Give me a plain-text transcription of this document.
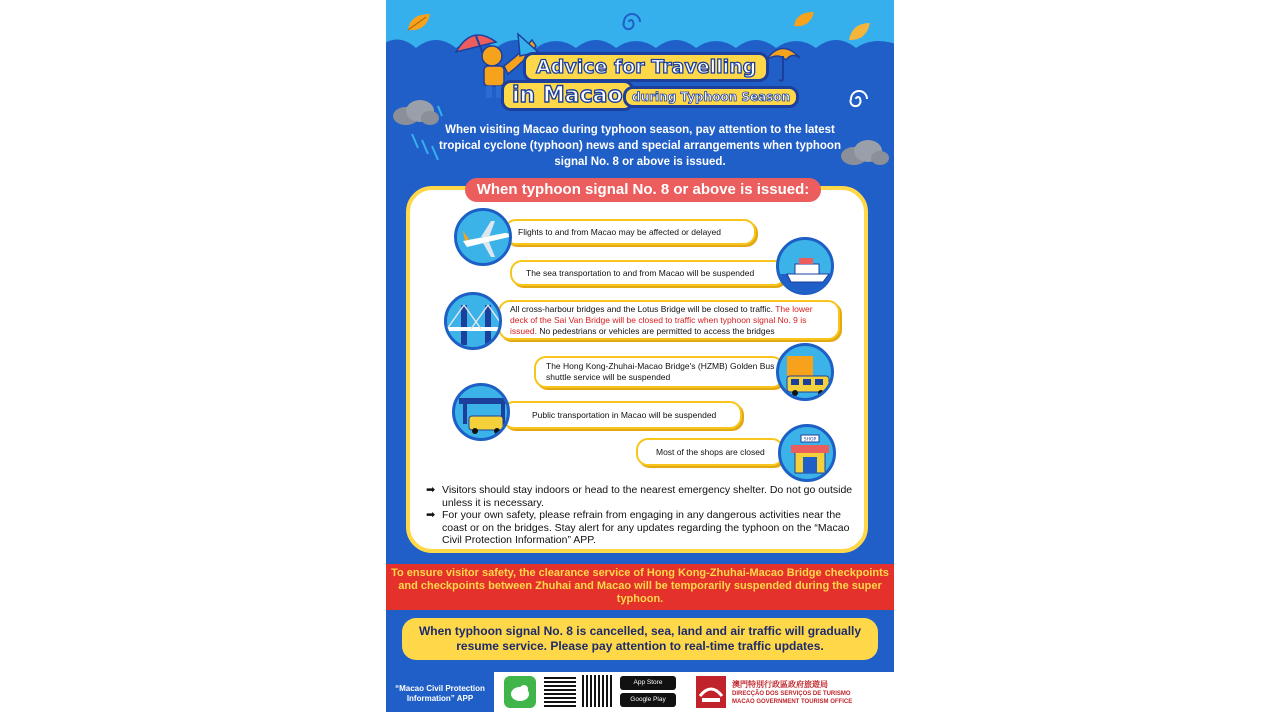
Advice for Travelling
in Macao during Typhoon Season
When visiting Macao during typhoon season, pay attention to the latest tropical cyclone (typhoon) news and special arrangements when typhoon signal No. 8 or above is issued.
When typhoon signal No. 8 or above is issued:
Flights to and from Macao may be affected or delayed
The sea transportation to and from Macao will be suspended
All cross-harbour bridges and the Lotus Bridge will be closed to traffic. The lower deck of the Sai Van Bridge will be closed to traffic when typhoon signal No. 9 is issued. No pedestrians or vehicles are permitted to access the bridges
The Hong Kong-Zhuhai-Macao Bridge's (HZMB) Golden Bus shuttle service will be suspended
Public transportation in Macao will be suspended
Most of the shops are closed
SHOP
➡ Visitors should stay indoors or head to the nearest emergency shelter. Do not go outside unless it is necessary.
➡ For your own safety, please refrain from engaging in any dangerous activities near the coast or on the bridges. Stay alert for any updates regarding the typhoon on the “Macao Civil Protection Information” APP.
To ensure visitor safety, the clearance service of Hong Kong-Zhuhai-Macao Bridge checkpoints and checkpoints between Zhuhai and Macao will be temporarily suspended during the super typhoon.
When typhoon signal No. 8 is cancelled, sea, land and air traffic will gradually resume service. Please pay attention to real-time traffic updates.
“Macao Civil Protection Information” APP
App Store
Google Play
澳門特別行政區政府旅遊局
DIRECÇÃO DOS SERVIÇOS DE TURISMO
MACAO GOVERNMENT TOURISM OFFICE
